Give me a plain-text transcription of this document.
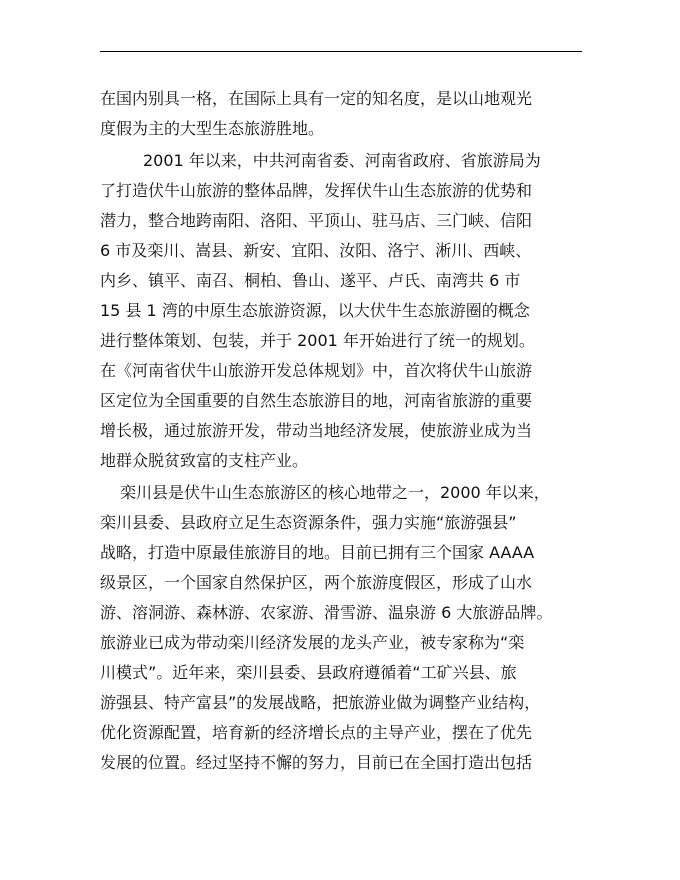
在国内别具一格，在国际上具有一定的知名度，是以山地观光
度假为主的大型生态旅游胜地。
2001 年以来，中共河南省委、河南省政府、省旅游局为
了打造伏牛山旅游的整体品牌，发挥伏牛山生态旅游的优势和
潜力，整合地跨南阳、洛阳、平顶山、驻马店、三门峡、信阳
6 市及栾川、嵩县、新安、宜阳、汝阳、洛宁、淅川、西峡、
内乡、镇平、南召、桐柏、鲁山、遂平、卢氏、南湾共 6 市
15 县 1 湾的中原生态旅游资源，以大伏牛生态旅游圈的概念
进行整体策划、包装，并于 2001 年开始进行了统一的规划。
在《河南省伏牛山旅游开发总体规划》中，首次将伏牛山旅游
区定位为全国重要的自然生态旅游目的地，河南省旅游的重要
增长极，通过旅游开发，带动当地经济发展，使旅游业成为当
地群众脱贫致富的支柱产业。
栾川县是伏牛山生态旅游区的核心地带之一，2000 年以来，
栾川县委、县政府立足生态资源条件，强力实施“旅游强县”
战略，打造中原最佳旅游目的地。目前已拥有三个国家 AAAA
级景区，一个国家自然保护区，两个旅游度假区，形成了山水
游、溶洞游、森林游、农家游、滑雪游、温泉游 6 大旅游品牌。
旅游业已成为带动栾川经济发展的龙头产业，被专家称为“栾
川模式”。近年来，栾川县委、县政府遵循着“工矿兴县、旅
游强县、特产富县”的发展战略，把旅游业做为调整产业结构，
优化资源配置，培育新的经济增长点的主导产业，摆在了优先
发展的位置。经过坚持不懈的努力，目前已在全国打造出包括
